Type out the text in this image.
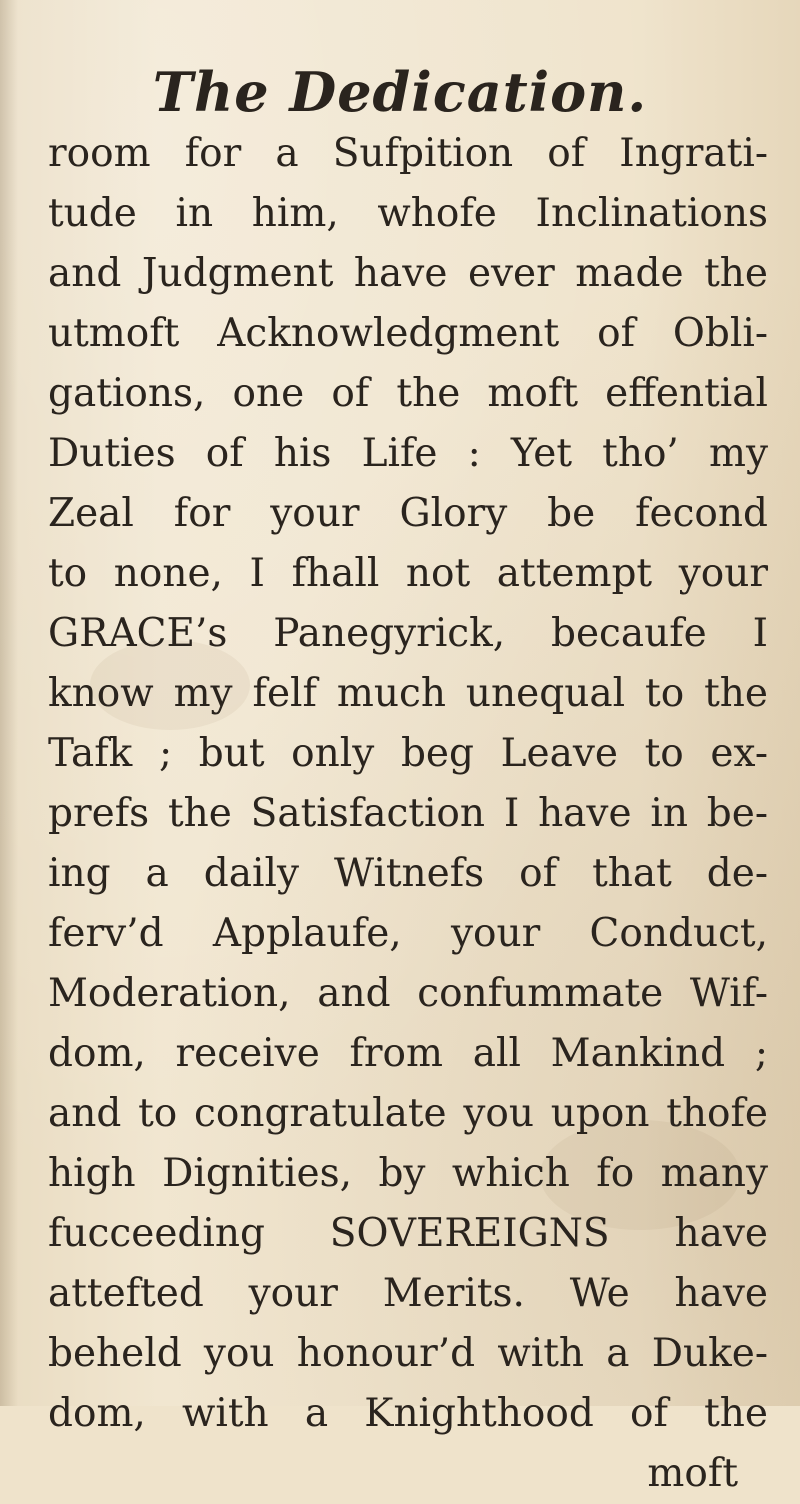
The Dedication.
room for a Sufpition of Ingrati-
tude in him, whofe Inclinations
and Judgment have ever made the
utmoft Acknowledgment of Obli-
gations, one of the moft effential
Duties of his Life : Yet tho’ my
Zeal for your Glory be fecond
to none, I fhall not attempt your
GRACE’s Panegyrick, becaufe I
know my felf much unequal to the
Tafk ; but only beg Leave to ex-
prefs the Satisfaction I have in be-
ing a daily Witnefs of that de-
ferv’d Applaufe, your Conduct,
Moderation, and confummate Wif-
dom, receive from all Mankind ;
and to congratulate you upon thofe
high Dignities, by which fo many
fucceeding SOVEREIGNS have
attefted your Merits. We have
beheld you honour’d with a Duke-
dom, with a Knighthood of the
moft
